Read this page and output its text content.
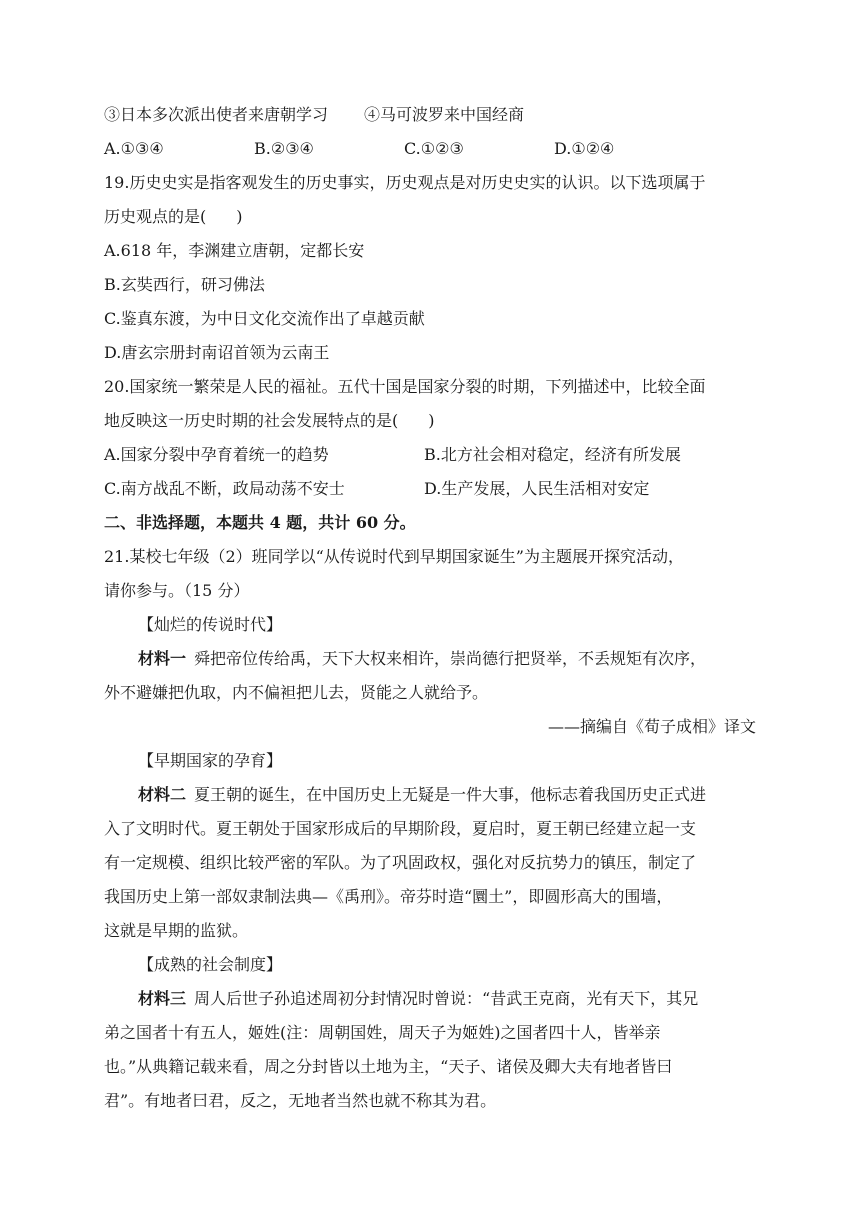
③日本多次派出使者来唐朝学习 ④马可波罗来中国经商
A.①③④	B.②③④	C.①②③	D.①②④
19.历史史实是指客观发生的历史事实，历史观点是对历史史实的认识。以下选项属于
历史观点的是( )
A.618 年，李渊建立唐朝，定都长安
B.玄奘西行，研习佛法
C.鉴真东渡，为中日文化交流作出了卓越贡献
D.唐玄宗册封南诏首领为云南王
20.国家统一繁荣是人民的福祉。五代十国是国家分裂的时期，下列描述中，比较全面
地反映这一历史时期的社会发展特点的是( )
A.国家分裂中孕育着统一的趋势	B.北方社会相对稳定，经济有所发展
C.南方战乱不断，政局动荡不安士	D.生产发展，人民生活相对安定
二、非选择题，本题共 4 题，共计 60 分。
21.某校七年级（2）班同学以“从传说时代到早期国家诞生”为主题展开探究活动，
请你参与。（15 分）
【灿烂的传说时代】
材料一 舜把帝位传给禹，天下大权来相许，崇尚德行把贤举，不丢规矩有次序，
外不避嫌把仇取，内不偏袒把儿去，贤能之人就给予。
——摘编自《荀子成相》译文
【早期国家的孕育】
材料二 夏王朝的诞生，在中国历史上无疑是一件大事，他标志着我国历史正式进
入了文明时代。夏王朝处于国家形成后的早期阶段，夏启时，夏王朝已经建立起一支
有一定规模、组织比较严密的军队。为了巩固政权，强化对反抗势力的镇压，制定了
我国历史上第一部奴隶制法典—《禹刑》。帝芬时造“圜土”，即圆形高大的围墙，
这就是早期的监狱。
【成熟的社会制度】
材料三 周人后世子孙追述周初分封情况时曾说：“昔武王克商，光有天下，其兄
弟之国者十有五人，姬姓(注：周朝国姓，周天子为姬姓)之国者四十人，皆举亲
也。”从典籍记载来看，周之分封皆以土地为主，“天子、诸侯及卿大夫有地者皆曰
君”。有地者曰君，反之，无地者当然也就不称其为君。
